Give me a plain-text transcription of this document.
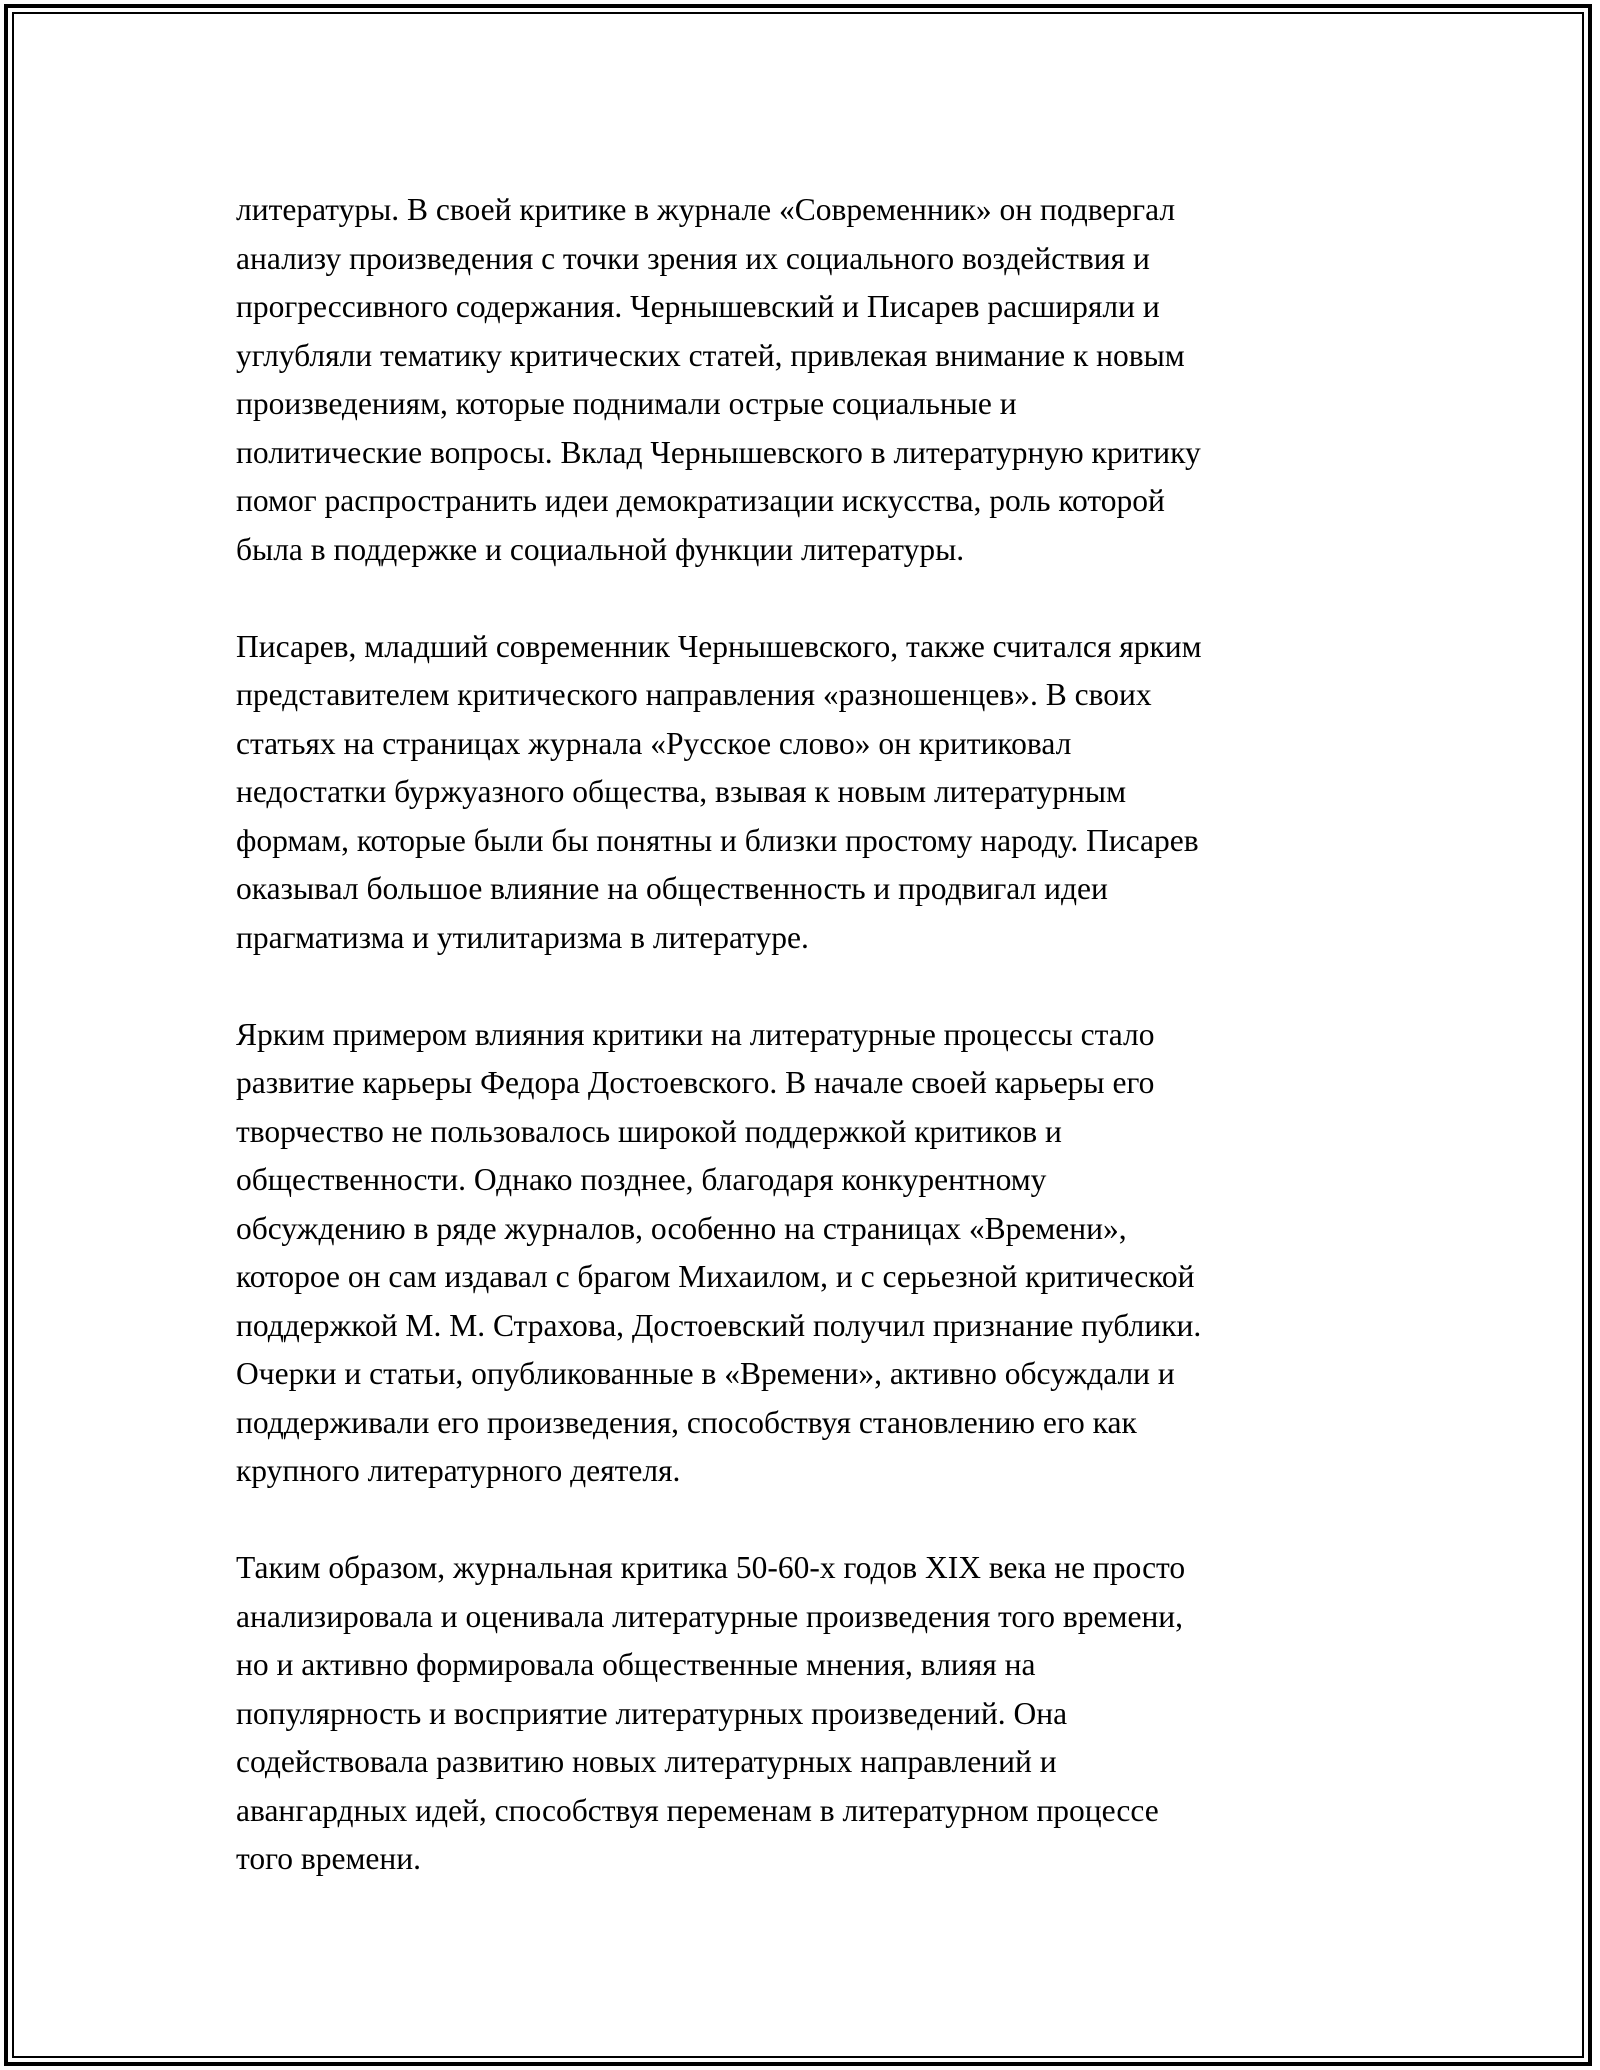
литературы. В своей критике в журнале «Современник» он подвергал
анализу произведения с точки зрения их социального воздействия и
прогрессивного содержания. Чернышевский и Писарев расширяли и
углубляли тематику критических статей, привлекая внимание к новым
произведениям, которые поднимали острые социальные и
политические вопросы. Вклад Чернышевского в литературную критику
помог распространить идеи демократизации искусства, роль которой
была в поддержке и социальной функции литературы.

Писарев, младший современник Чернышевского, также считался ярким
представителем критического направления «разношенцев». В своих
статьях на страницах журнала «Русское слово» он критиковал
недостатки буржуазного общества, взывая к новым литературным
формам, которые были бы понятны и близки простому народу. Писарев
оказывал большое влияние на общественность и продвигал идеи
прагматизма и утилитаризма в литературе.

Ярким примером влияния критики на литературные процессы стало
развитие карьеры Федора Достоевского. В начале своей карьеры его
творчество не пользовалось широкой поддержкой критиков и
общественности. Однако позднее, благодаря конкурентному
обсуждению в ряде журналов, особенно на страницах «Времени»,
которое он сам издавал с брагом Михаилом, и с серьезной критической
поддержкой М. М. Страхова, Достоевский получил признание публики.
Очерки и статьи, опубликованные в «Времени», активно обсуждали и
поддерживали его произведения, способствуя становлению его как
крупного литературного деятеля.

Таким образом, журнальная критика 50-60-х годов XIX века не просто
анализировала и оценивала литературные произведения того времени,
но и активно формировала общественные мнения, влияя на
популярность и восприятие литературных произведений. Она
содействовала развитию новых литературных направлений и
авангардных идей, способствуя переменам в литературном процессе
того времени.
